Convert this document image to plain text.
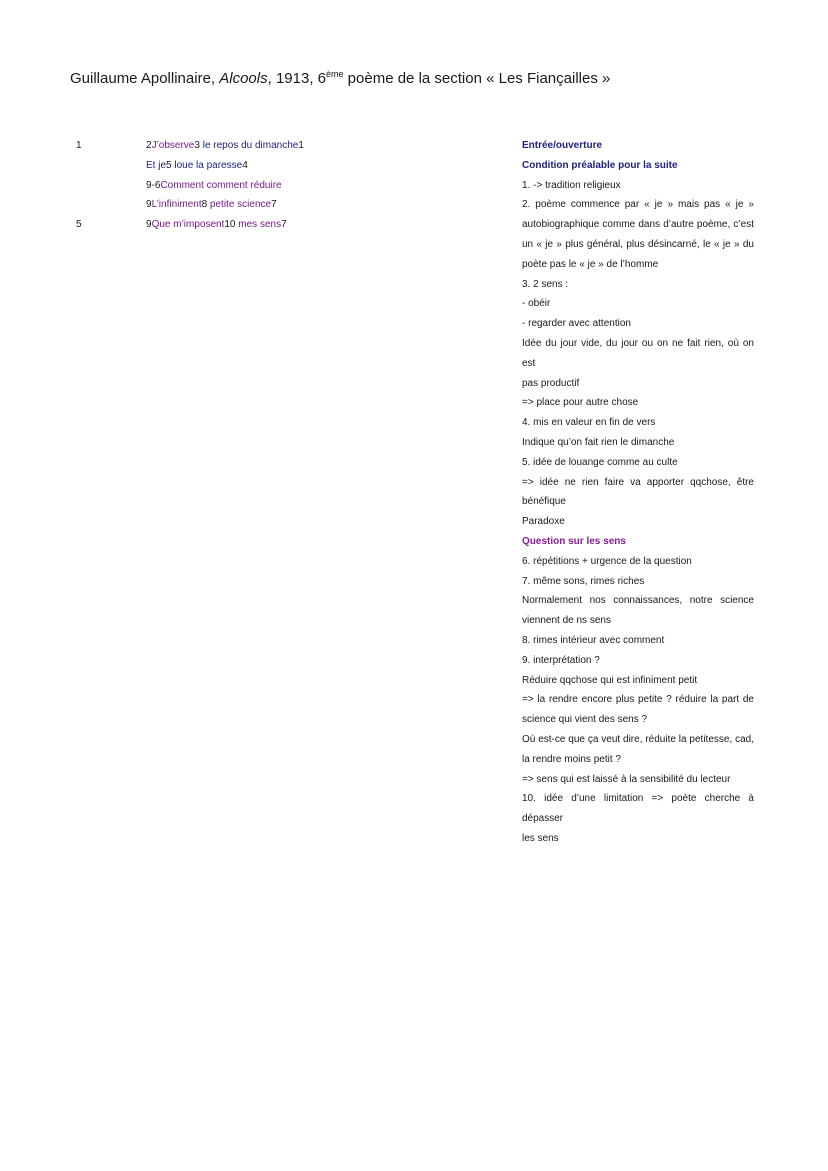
Guillaume Apollinaire, Alcools, 1913, 6ème poème de la section « Les Fiançailles »
1	2J’observe3 le repos du dimanche1
Et je5 loue la paresse4
9-6Comment comment réduire
9L’infiniment8 petite science7
5	9Que m’imposent10 mes sens7
Entrée/ouverture
Condition préalable pour la suite
1. -> tradition religieux
2. poème commence par « je » mais pas « je »
autobiographique comme dans d’autre poème, c’est
un « je » plus général, plus désincarné, le « je » du
poète pas le « je » de l’homme
3. 2 sens :
- obéir
- regarder avec attention
Idée du jour vide, du jour ou on ne fait rien, où on est
pas productif
=> place pour autre chose
4. mis en valeur en fin de vers
Indique qu’on fait rien le dimanche
5. idée de louange comme au culte
=> idée ne rien faire va apporter qqchose, être
bénéfique
Paradoxe
Question sur les sens
6. répétitions + urgence de la question
7. même sons, rimes riches
Normalement nos connaissances, notre science
viennent de ns sens
8. rimes intérieur avec comment
9. interprétation ?
Réduire qqchose qui est infiniment petit
=> la rendre encore plus petite ? réduire la part de
science qui vient des sens ?
Où est-ce que ça veut dire, réduite la petitesse, cad,
la rendre moins petit ?
=> sens qui est laissé à la sensibilité du lecteur
10. idée d’une limitation => poète cherche à dépasser
les sens
